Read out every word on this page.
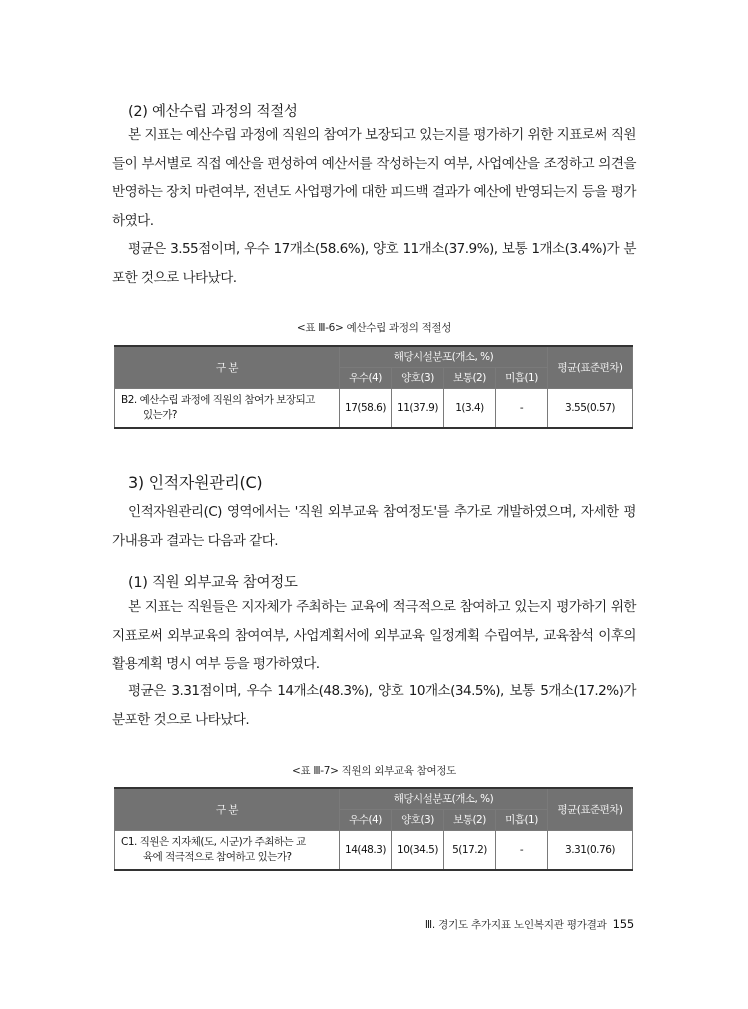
(2) 예산수립 과정의 적절성
본 지표는 예산수립 과정에 직원의 참여가 보장되고 있는지를 평가하기 위한 지표로써 직원들이 부서별로 직접 예산을 편성하여 예산서를 작성하는지 여부, 사업예산을 조정하고 의견을 반영하는 장치 마련여부, 전년도 사업평가에 대한 피드백 결과가 예산에 반영되는지 등을 평가하였다.
평균은 3.55점이며, 우수 17개소(58.6%), 양호 11개소(37.9%), 보통 1개소(3.4%)가 분포한 것으로 나타났다.
<표 Ⅲ-6> 예산수립 과정의 적절성
구 분	해당시설분포(개소, %)				평균(표준편차)
	우수(4)	양호(3)	보통(2)	미흡(1)	
B2. 예산수립 과정에 직원의 참여가 보장되고
있는가?	17(58.6)	11(37.9)	1(3.4)	-	3.55(0.57)
3) 인적자원관리(C)
인적자원관리(C) 영역에서는 '직원 외부교육 참여정도'를 추가로 개발하였으며, 자세한 평가내용과 결과는 다음과 같다.
(1) 직원 외부교육 참여정도
본 지표는 직원들은 지자체가 주최하는 교육에 적극적으로 참여하고 있는지 평가하기 위한 지표로써 외부교육의 참여여부, 사업계획서에 외부교육 일정계획 수립여부, 교육참석 이후의 활용계획 명시 여부 등을 평가하였다.
평균은 3.31점이며, 우수 14개소(48.3%), 양호 10개소(34.5%), 보통 5개소(17.2%)가 분포한 것으로 나타났다.
<표 Ⅲ-7> 직원의 외부교육 참여정도
구 분	해당시설분포(개소, %)				평균(표준편차)
	우수(4)	양호(3)	보통(2)	미흡(1)	
C1. 직원은 지자체(도, 시군)가 주최하는 교
육에 적극적으로 참여하고 있는가?	14(48.3)	10(34.5)	5(17.2)	-	3.31(0.76)
Ⅲ. 경기도 추가지표 노인복지관 평가결과 155
